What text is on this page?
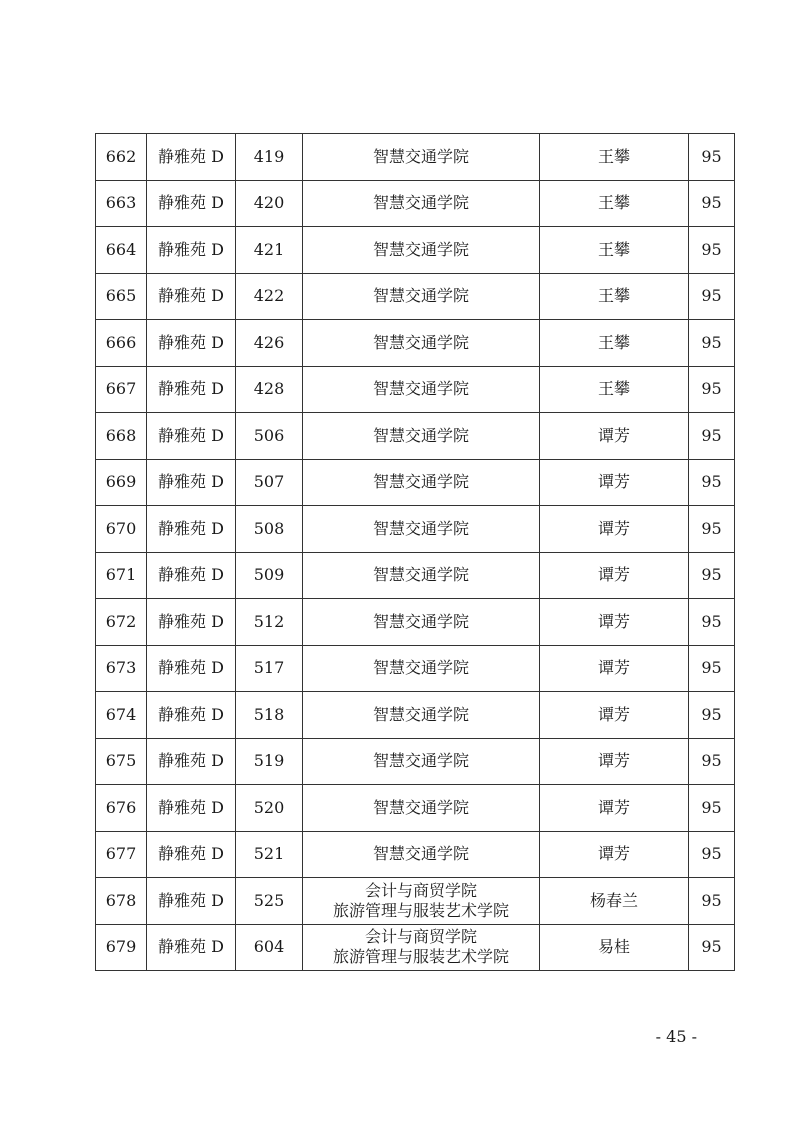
662	静雅苑 D	419	智慧交通学院	王攀	95
663	静雅苑 D	420	智慧交通学院	王攀	95
664	静雅苑 D	421	智慧交通学院	王攀	95
665	静雅苑 D	422	智慧交通学院	王攀	95
666	静雅苑 D	426	智慧交通学院	王攀	95
667	静雅苑 D	428	智慧交通学院	王攀	95
668	静雅苑 D	506	智慧交通学院	谭芳	95
669	静雅苑 D	507	智慧交通学院	谭芳	95
670	静雅苑 D	508	智慧交通学院	谭芳	95
671	静雅苑 D	509	智慧交通学院	谭芳	95
672	静雅苑 D	512	智慧交通学院	谭芳	95
673	静雅苑 D	517	智慧交通学院	谭芳	95
674	静雅苑 D	518	智慧交通学院	谭芳	95
675	静雅苑 D	519	智慧交通学院	谭芳	95
676	静雅苑 D	520	智慧交通学院	谭芳	95
677	静雅苑 D	521	智慧交通学院	谭芳	95
678	静雅苑 D	525	会计与商贸学院
旅游管理与服装艺术学院	杨春兰	95
679	静雅苑 D	604	会计与商贸学院
旅游管理与服装艺术学院	易桂	95
- 45 -
